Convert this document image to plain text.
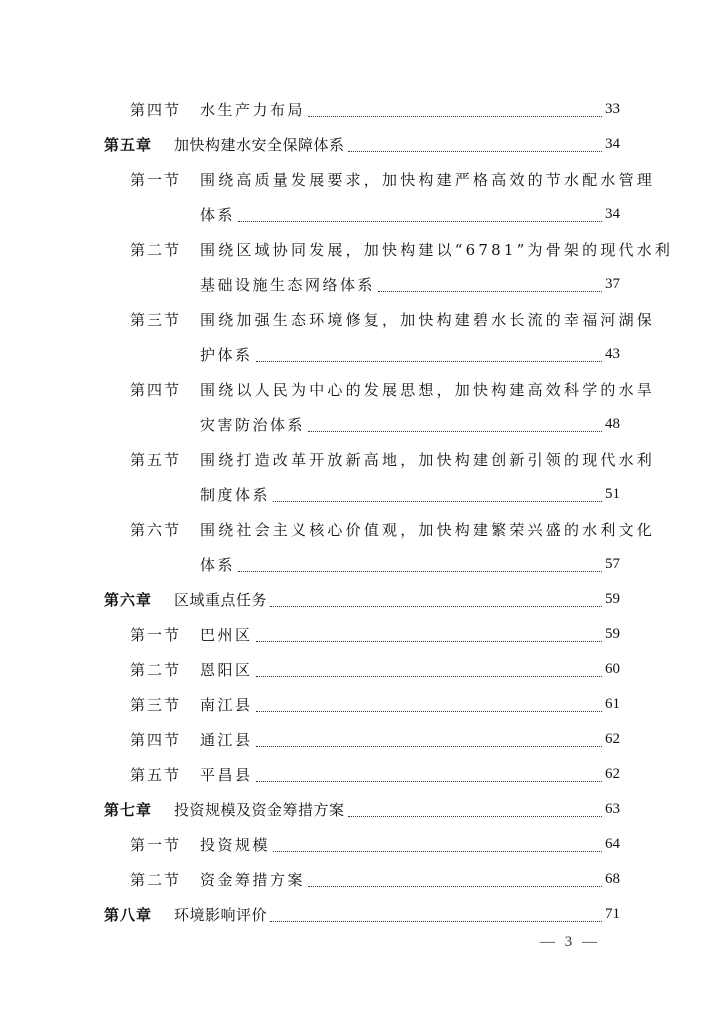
第四节	水生产力布局	33
第五章	加快构建水安全保障体系	34
第一节	围绕高质量发展要求，加快构建严格高效的节水配水管理
体系	34
第二节	围绕区域协同发展，加快构建以“6781”为骨架的现代水利
基础设施生态网络体系	37
第三节	围绕加强生态环境修复，加快构建碧水长流的幸福河湖保
护体系	43
第四节	围绕以人民为中心的发展思想，加快构建高效科学的水旱
灾害防治体系	48
第五节	围绕打造改革开放新高地，加快构建创新引领的现代水利
制度体系	51
第六节	围绕社会主义核心价值观，加快构建繁荣兴盛的水利文化
体系	57
第六章	区域重点任务	59
第一节	巴州区	59
第二节	恩阳区	60
第三节	南江县	61
第四节	通江县	62
第五节	平昌县	62
第七章	投资规模及资金筹措方案	63
第一节	投资规模	64
第二节	资金筹措方案	68
第八章	环境影响评价	71
— 3 —
